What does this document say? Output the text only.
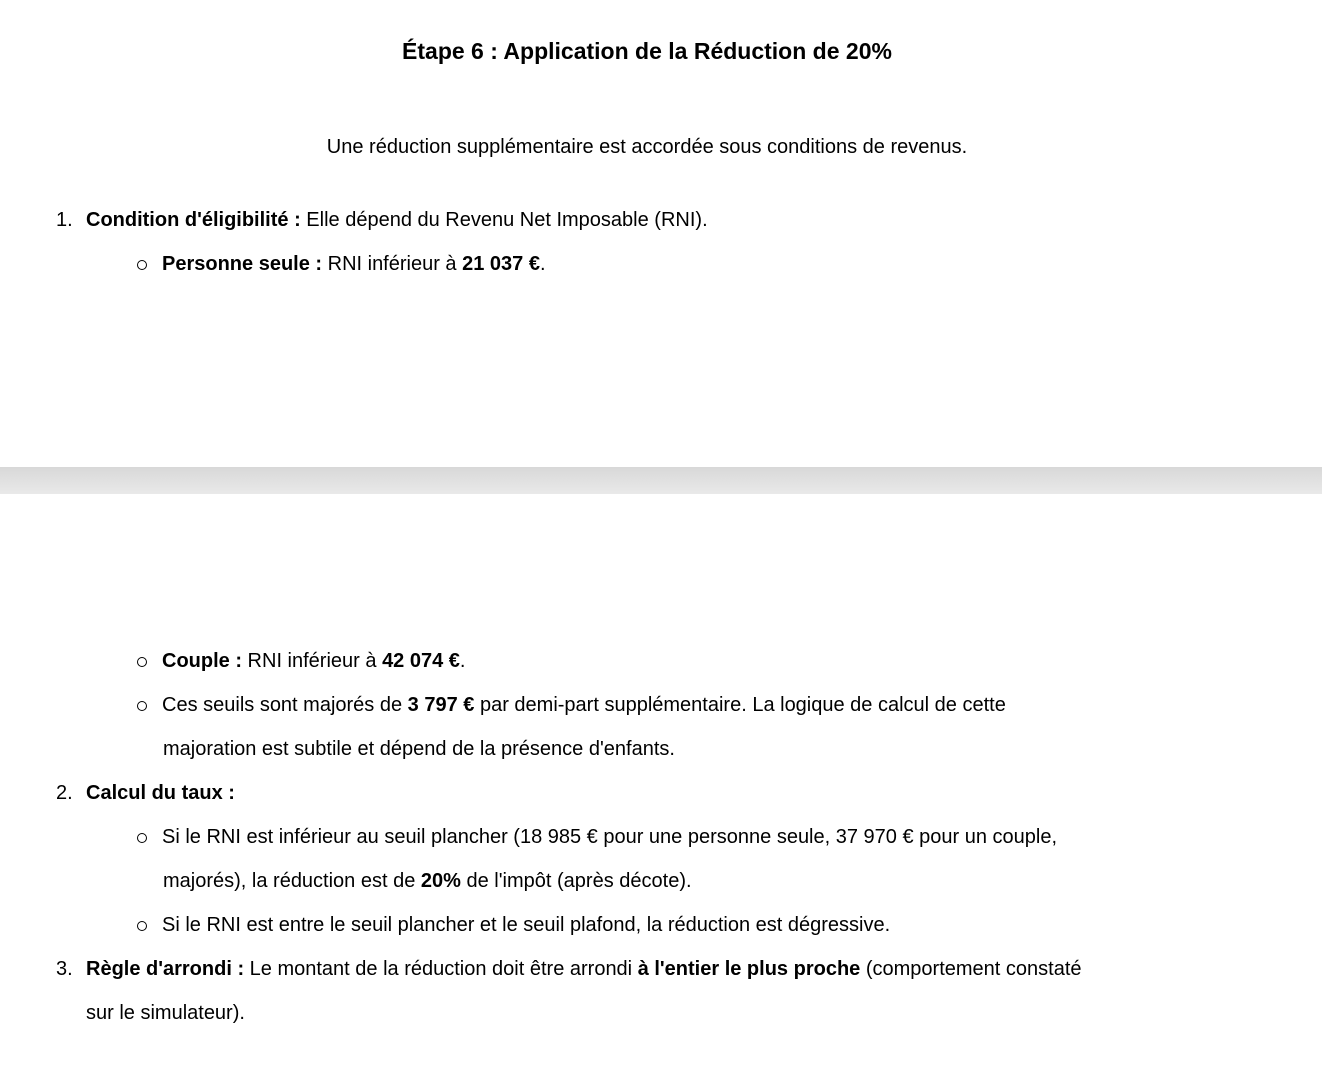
Étape 6 : Application de la Réduction de 20%
Une réduction supplémentaire est accordée sous conditions de revenus.
1. Condition d'éligibilité : Elle dépend du Revenu Net Imposable (RNI).
Personne seule : RNI inférieur à 21 037 €.
Couple : RNI inférieur à 42 074 €.
Ces seuils sont majorés de 3 797 € par demi-part supplémentaire. La logique de calcul de cette
majoration est subtile et dépend de la présence d'enfants.
2. Calcul du taux :
Si le RNI est inférieur au seuil plancher (18 985 € pour une personne seule, 37 970 € pour un couple,
majorés), la réduction est de 20% de l'impôt (après décote).
Si le RNI est entre le seuil plancher et le seuil plafond, la réduction est dégressive.
3. Règle d'arrondi : Le montant de la réduction doit être arrondi à l'entier le plus proche (comportement constaté
sur le simulateur).
